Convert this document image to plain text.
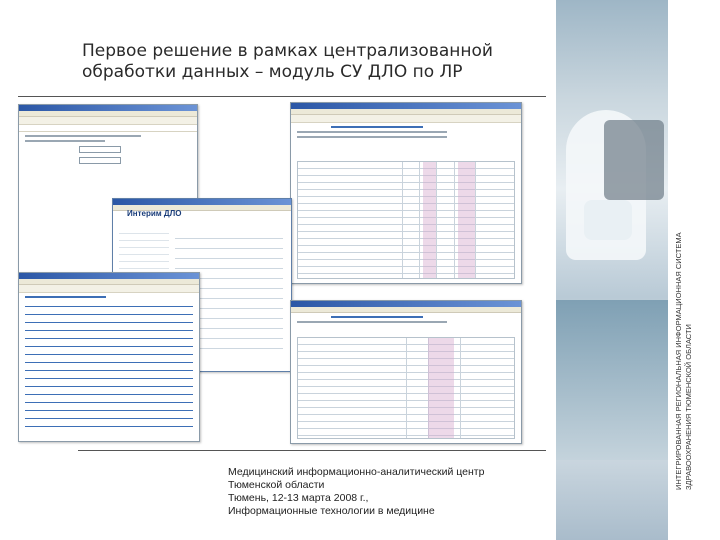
Первое решение в рамках централизованной
обработки данных – модуль СУ ДЛО по ЛР
Интерим ДЛО
Медицинский информационно-аналитический центр
Тюменской области
Тюмень, 12-13 марта 2008 г.,
Информационные технологии в медицине
ИНТЕГРИРОВАННАЯ РЕГИОНАЛЬНАЯ ИНФОРМАЦИОННАЯ СИСТЕМА ЗДРАВООХРАНЕНИЯ ТЮМЕНСКОЙ ОБЛАСТИ
